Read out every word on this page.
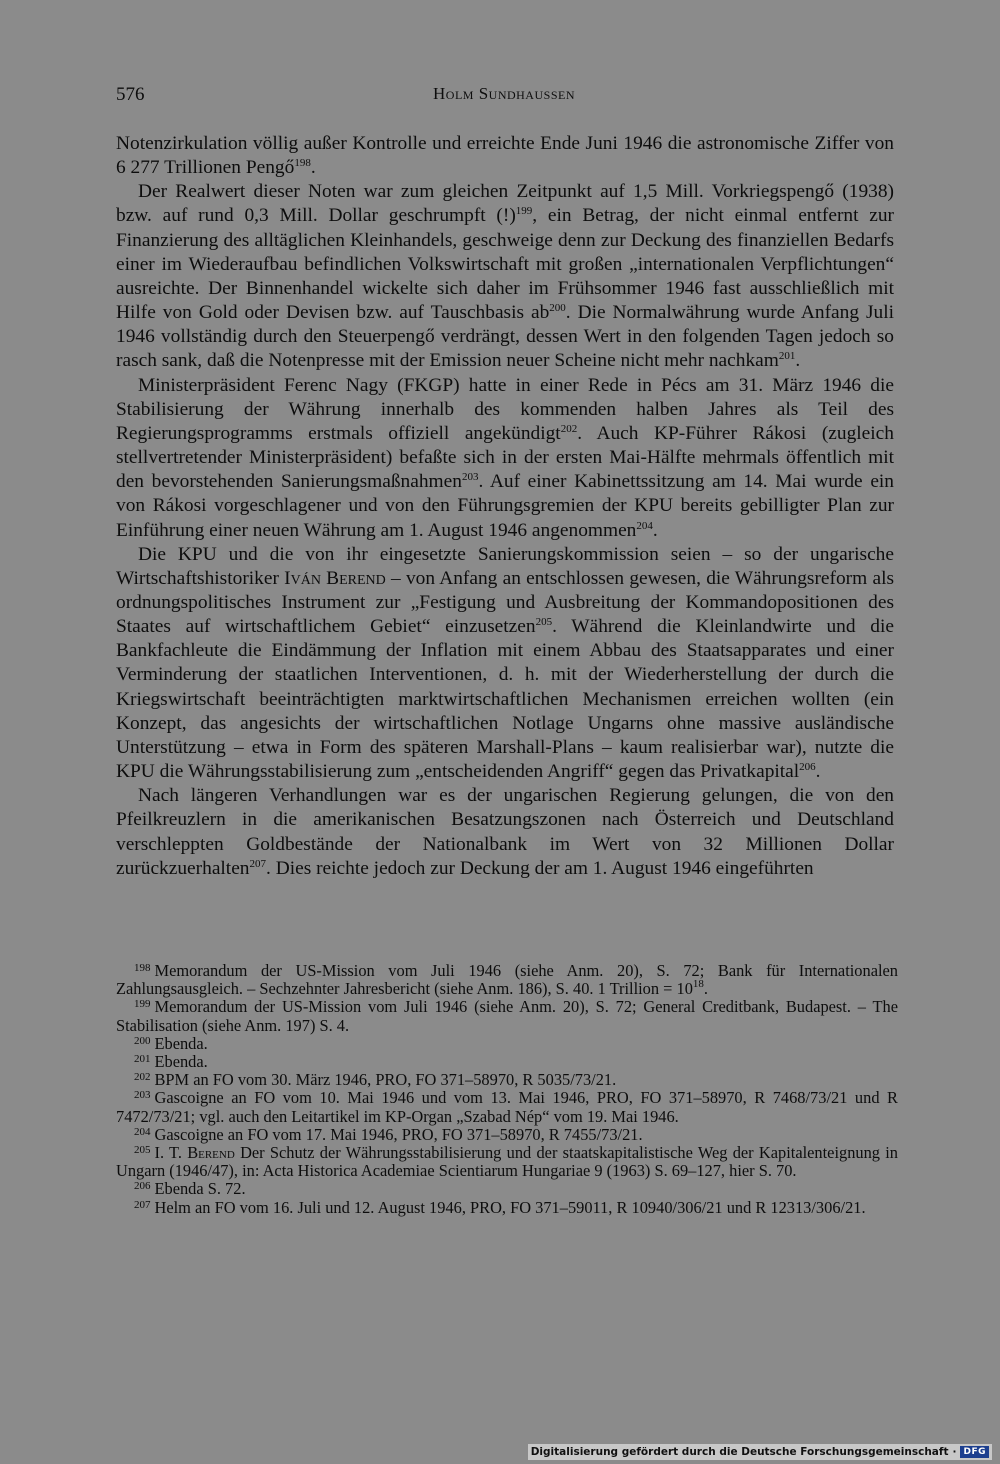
576	Holm Sundhaussen

Notenzirkulation völlig außer Kontrolle und erreichte Ende Juni 1946 die astronomische Ziffer von 6 277 Trillionen Pengő$^{198}$.

Der Realwert dieser Noten war zum gleichen Zeitpunkt auf 1,5 Mill. Vorkriegspengő (1938) bzw. auf rund 0,3 Mill. Dollar geschrumpft (!)$^{199}$, ein Betrag, der nicht einmal entfernt zur Finanzierung des alltäglichen Kleinhandels, geschweige denn zur Deckung des finanziellen Bedarfs einer im Wiederaufbau befindlichen Volkswirtschaft mit großen „internationalen Verpflichtungen“ ausreichte. Der Binnenhandel wickelte sich daher im Frühsommer 1946 fast ausschließlich mit Hilfe von Gold oder Devisen bzw. auf Tauschbasis $ab^{200}$. Die Normalwährung wurde Anfang Juli 1946 vollständig durch den Steuerpengő verdrängt, dessen Wert in den folgenden Tagen jedoch so rasch sank, daß die Notenpresse mit der Emission neuer Scheine nicht mehr nachkam$^{201}$.

Ministerpräsident Ferenc Nagy (FKGP) hatte in einer Rede in Pécs am 31. März 1946 die Stabilisierung der Währung innerhalb des kommenden halben Jahres als Teil des Regierungsprogramms erstmals offiziell angekündigt$^{202}$. Auch KP-Führer Rákosi (zugleich stellvertretender Ministerpräsident) befaßte sich in der ersten Mai-Hälfte mehrmals öffentlich mit den bevorstehenden Sanierungsmaßnahmen$^{203}$. Auf einer Kabinettssitzung am 14. Mai wurde ein von Rákosi vorgeschlagener und von den Führungsgremien der KPU bereits gebilligter Plan zur Einführung einer neuen Währung am 1. August 1946 angenommen$^{204}$.

Die KPU und die von ihr eingesetzte Sanierungskommission seien – so der ungarische Wirtschaftshistoriker Iván Berend – von Anfang an entschlossen gewesen, die Währungsreform als ordnungspolitisches Instrument zur „Festigung und Ausbreitung der Kommandopositionen des Staates auf wirtschaftlichem Gebiet“ einzusetzen$^{205}$. Während die Kleinlandwirte und die Bankfachleute die Eindämmung der Inflation mit einem Abbau des Staatsapparates und einer Verminderung der staatlichen Interventionen, d. h. mit der Wiederherstellung der durch die Kriegswirtschaft beeinträchtigten marktwirtschaftlichen Mechanismen erreichen wollten (ein Konzept, das angesichts der wirtschaftlichen Notlage Ungarns ohne massive ausländische Unterstützung – etwa in Form des späteren Marshall-Plans – kaum realisierbar war), nutzte die KPU die Währungsstabilisierung zum „entscheidenden Angriff“ gegen das Privatkapital$^{206}$.

Nach längeren Verhandlungen war es der ungarischen Regierung gelungen, die von den Pfeilkreuzlern in die amerikanischen Besatzungszonen nach Österreich und Deutschland verschleppten Goldbestände der Nationalbank im Wert von 32 Millionen Dollar zurückzuerhalten$^{207}$. Dies reichte jedoch zur Deckung der am 1. August 1946 eingeführten

$^{198}$ Memorandum der US-Mission vom Juli 1946 (siehe Anm. 20), S. 72; Bank für Internationalen Zahlungsausgleich. – Sechzehnter Jahresbericht (siehe Anm. 186), S. 40. 1 Trillion = $10^{18}$.

$^{199}$ Memorandum der US-Mission vom Juli 1946 (siehe Anm. 20), S. 72; General Creditbank, Budapest. – The Stabilisation (siehe Anm. 197) S. 4.

$^{200}$ Ebenda.

$^{201}$ Ebenda.

$^{202}$ BPM an FO vom 30. März 1946, PRO, FO 371–58970, R 5035/73/21.

$^{203}$ Gascoigne an FO vom 10. Mai 1946 und vom 13. Mai 1946, PRO, FO 371–58970, R 7468/73/21 und R 7472/73/21; vgl. auch den Leitartikel im KP-Organ „Szabad Nép“ vom 19. Mai 1946.

$^{204}$ Gascoigne an FO vom 17. Mai 1946, PRO, FO 371–58970, R 7455/73/21.

$^{205}$ I. T. Berend Der Schutz der Währungsstabilisierung und der staatskapitalistische Weg der Kapitalenteignung in Ungarn (1946/47), in: Acta Historica Academiae Scientiarum Hungariae 9 (1963) S. 69–127, hier S. 70.

$^{206}$ Ebenda S. 72.

$^{207}$ Helm an FO vom 16. Juli und 12. August 1946, PRO, FO 371–59011, R 10940/306/21 und R 12313/306/21.

Digitalisierung gefördert durch die Deutsche Forschungsgemeinschaft · DFG
